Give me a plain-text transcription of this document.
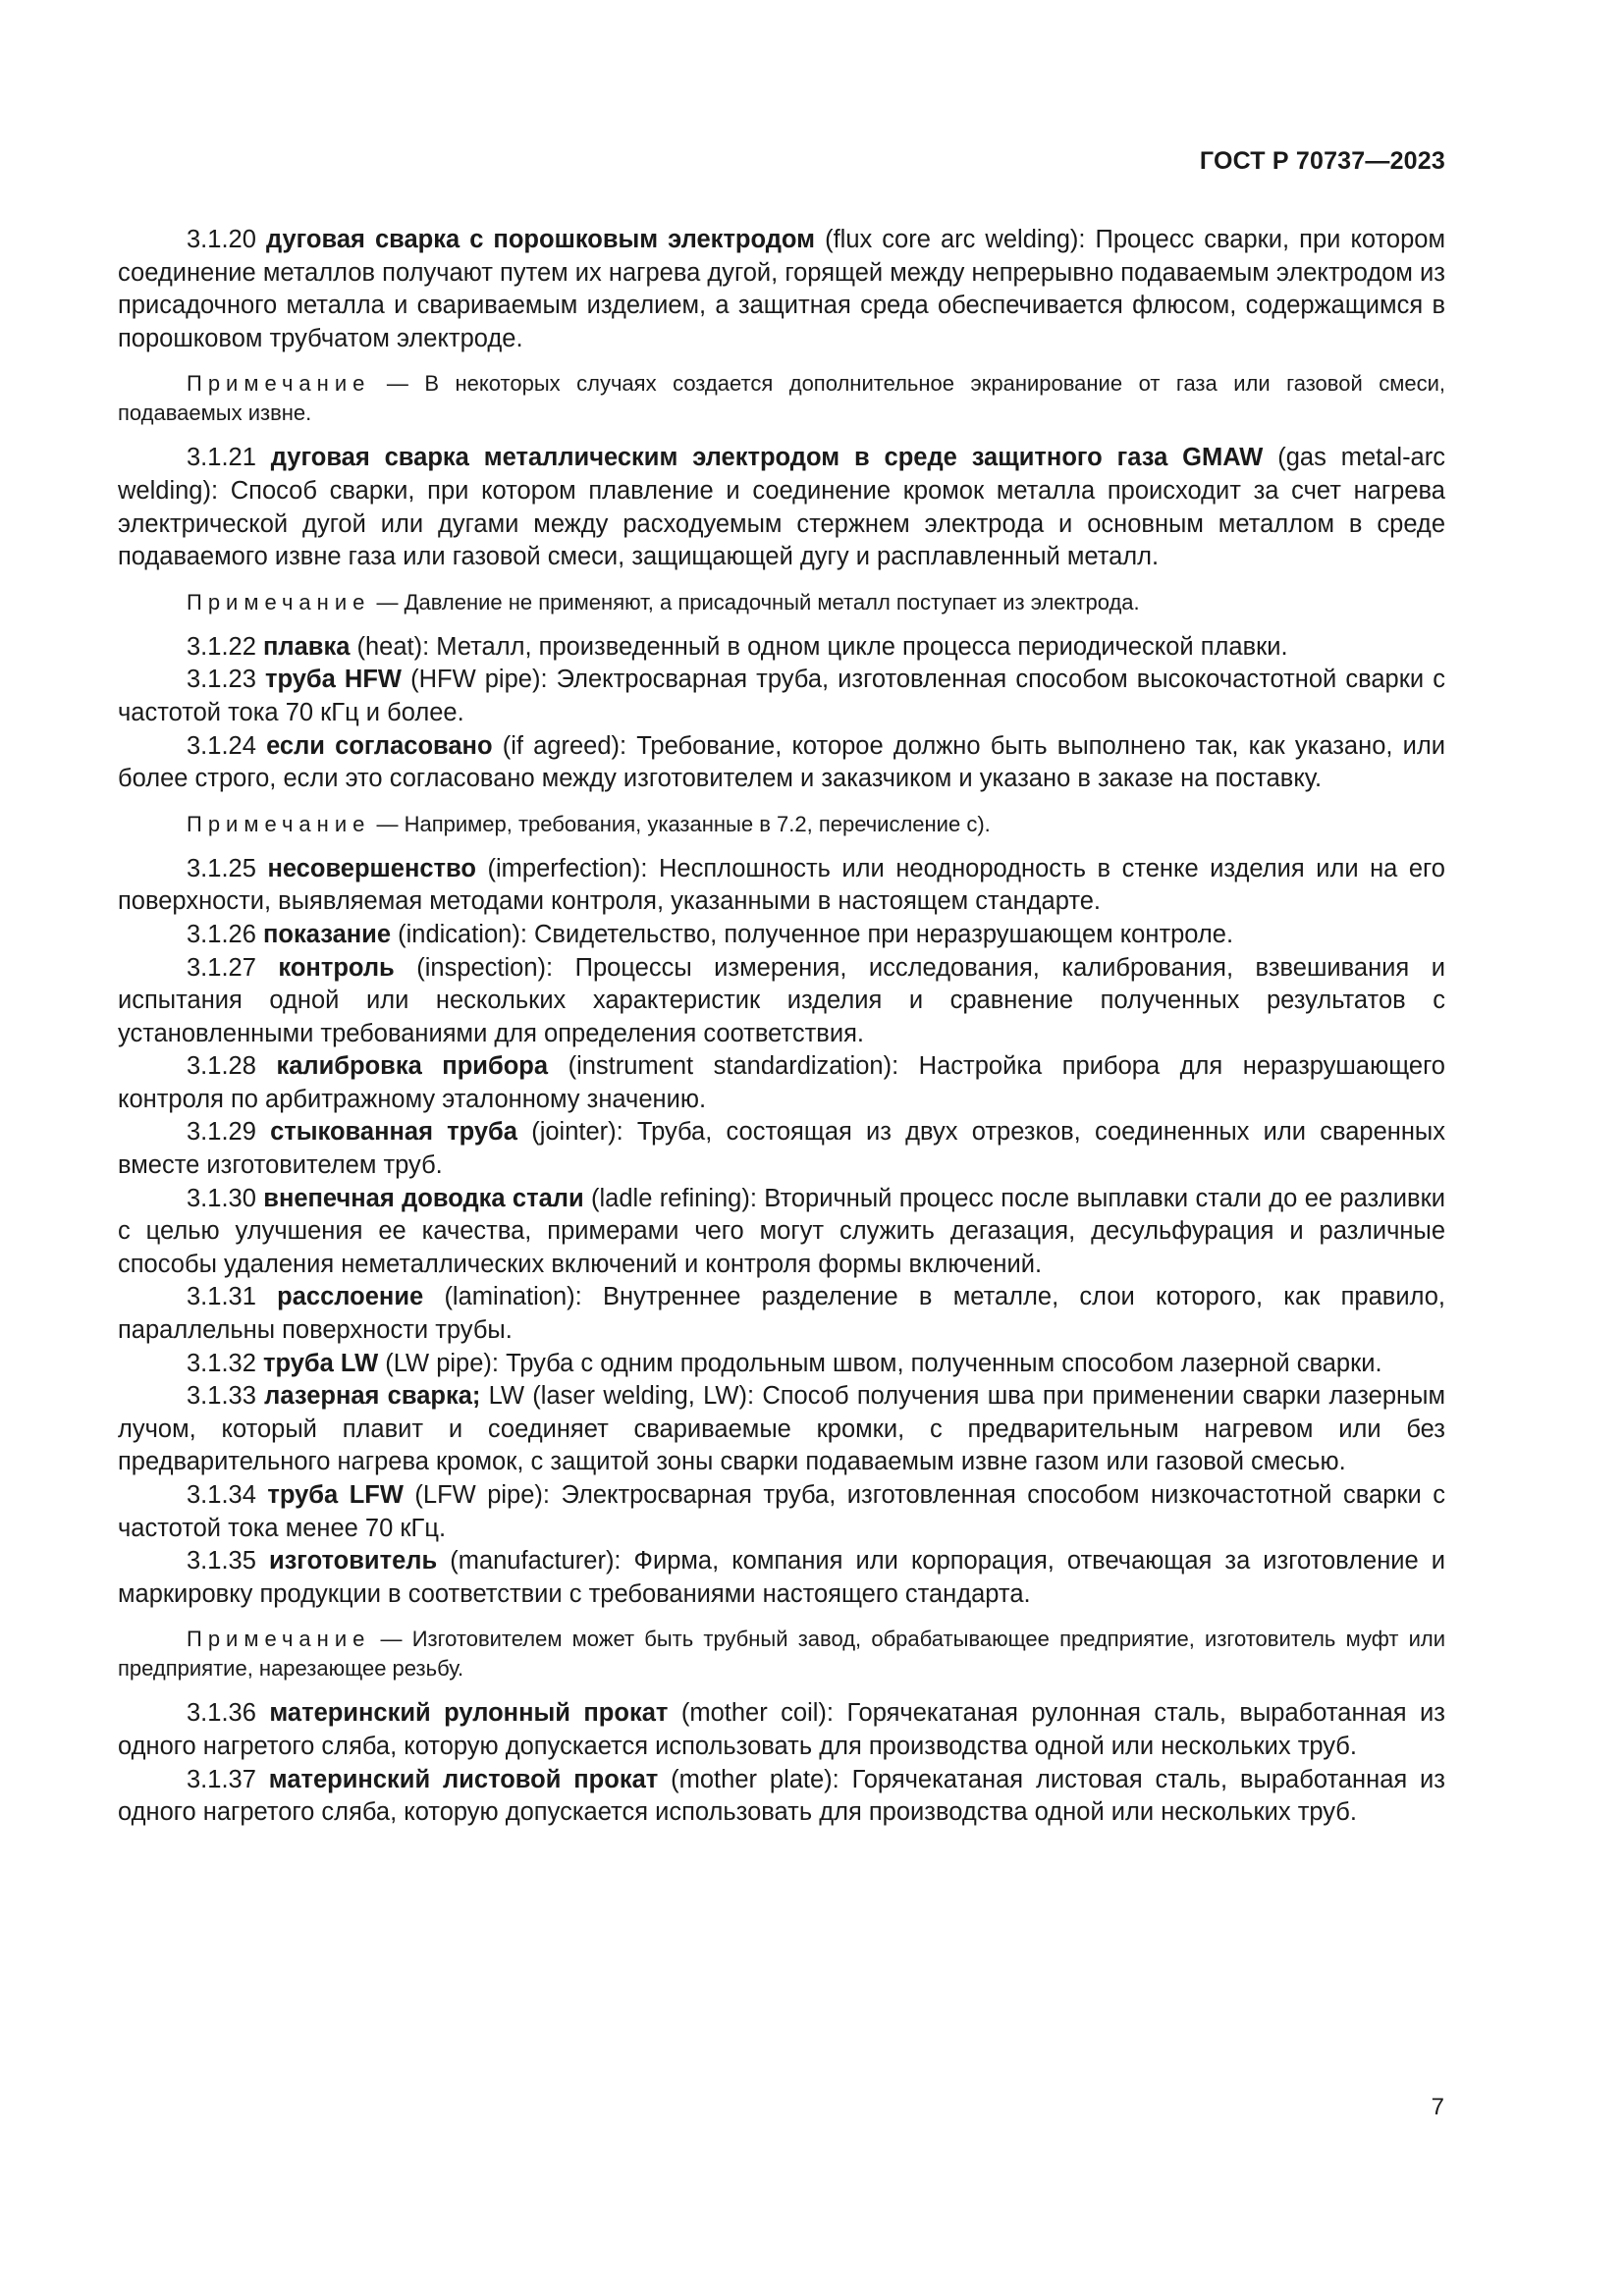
ГОСТ Р 70737—2023

3.1.20 дуговая сварка с порошковым электродом (flux core arc welding): Процесс сварки, при котором соединение металлов получают путем их нагрева дугой, горящей между непрерывно подаваемым электродом из присадочного металла и свариваемым изделием, а защитная среда обеспечивается флюсом, содержащимся в порошковом трубчатом электроде.

Примечание — В некоторых случаях создается дополнительное экранирование от газа или газовой смеси, подаваемых извне.

3.1.21 дуговая сварка металлическим электродом в среде защитного газа GMAW (gas metal-arc welding): Способ сварки, при котором плавление и соединение кромок металла происходит за счет нагрева электрической дугой или дугами между расходуемым стержнем электрода и основным металлом в среде подаваемого извне газа или газовой смеси, защищающей дугу и расплавленный металл.

Примечание — Давление не применяют, а присадочный металл поступает из электрода.

3.1.22 плавка (heat): Металл, произведенный в одном цикле процесса периодической плавки.

3.1.23 труба HFW (HFW pipe): Электросварная труба, изготовленная способом высокочастотной сварки с частотой тока 70 кГц и более.

3.1.24 если согласовано (if agreed): Требование, которое должно быть выполнено так, как указано, или более строго, если это согласовано между изготовителем и заказчиком и указано в заказе на поставку.

Примечание — Например, требования, указанные в 7.2, перечисление с).

3.1.25 несовершенство (imperfection): Несплошность или неоднородность в стенке изделия или на его поверхности, выявляемая методами контроля, указанными в настоящем стандарте.

3.1.26 показание (indication): Свидетельство, полученное при неразрушающем контроле.

3.1.27 контроль (inspection): Процессы измерения, исследования, калибрования, взвешивания и испытания одной или нескольких характеристик изделия и сравнение полученных результатов с установленными требованиями для определения соответствия.

3.1.28 калибровка прибора (instrument standardization): Настройка прибора для неразрушающего контроля по арбитражному эталонному значению.

3.1.29 стыкованная труба (jointer): Труба, состоящая из двух отрезков, соединенных или сваренных вместе изготовителем труб.

3.1.30 внепечная доводка стали (ladle refining): Вторичный процесс после выплавки стали до ее разливки с целью улучшения ее качества, примерами чего могут служить дегазация, десульфурация и различные способы удаления неметаллических включений и контроля формы включений.

3.1.31 расслоение (lamination): Внутреннее разделение в металле, слои которого, как правило, параллельны поверхности трубы.

3.1.32 труба LW (LW pipe): Труба с одним продольным швом, полученным способом лазерной сварки.

3.1.33 лазерная сварка; LW (laser welding, LW): Способ получения шва при применении сварки лазерным лучом, который плавит и соединяет свариваемые кромки, с предварительным нагревом или без предварительного нагрева кромок, с защитой зоны сварки подаваемым извне газом или газовой смесью.

3.1.34 труба LFW (LFW pipe): Электросварная труба, изготовленная способом низкочастотной сварки с частотой тока менее 70 кГц.

3.1.35 изготовитель (manufacturer): Фирма, компания или корпорация, отвечающая за изготовление и маркировку продукции в соответствии с требованиями настоящего стандарта.

Примечание — Изготовителем может быть трубный завод, обрабатывающее предприятие, изготовитель муфт или предприятие, нарезающее резьбу.

3.1.36 материнский рулонный прокат (mother coil): Горячекатаная рулонная сталь, выработанная из одного нагретого сляба, которую допускается использовать для производства одной или нескольких труб.

3.1.37 материнский листовой прокат (mother plate): Горячекатаная листовая сталь, выработанная из одного нагретого сляба, которую допускается использовать для производства одной или нескольких труб.

7
